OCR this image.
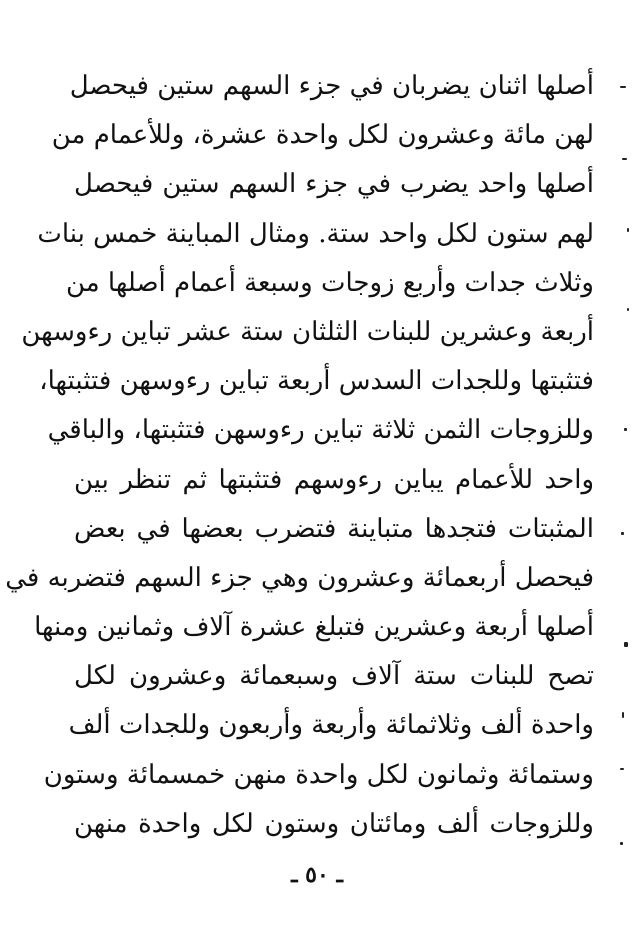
أصلها اثنان يضربان في جزء السهم ستين فيحصل
لهن مائة وعشرون لكل واحدة عشرة، وللأعمام من
أصلها واحد يضرب في جزء السهم ستين فيحصل
لهم ستون لكل واحد ستة. ومثال المباينة خمس بنات
وثلاث جدات وأربع زوجات وسبعة أعمام أصلها من
أربعة وعشرين للبنات الثلثان ستة عشر تباين رءوسهن
فتثبتها وللجدات السدس أربعة تباين رءوسهن فتثبتها،
وللزوجات الثمن ثلاثة تباين رءوسهن فتثبتها، والباقي
واحد للأعمام يباين رءوسهم فتثبتها ثم تنظر بين
المثبتات فتجدها متباينة فتضرب بعضها في بعض
فيحصل أربعمائة وعشرون وهي جزء السهم فتضربه في
أصلها أربعة وعشرين فتبلغ عشرة آلاف وثمانين ومنها
تصح للبنات ستة آلاف وسبعمائة وعشرون لكل
واحدة ألف وثلاثمائة وأربعة وأربعون وللجدات ألف
وستمائة وثمانون لكل واحدة منهن خمسمائة وستون
وللزوجات ألف ومائتان وستون لكل واحدة منهن
ـ ٥٠ ـ
